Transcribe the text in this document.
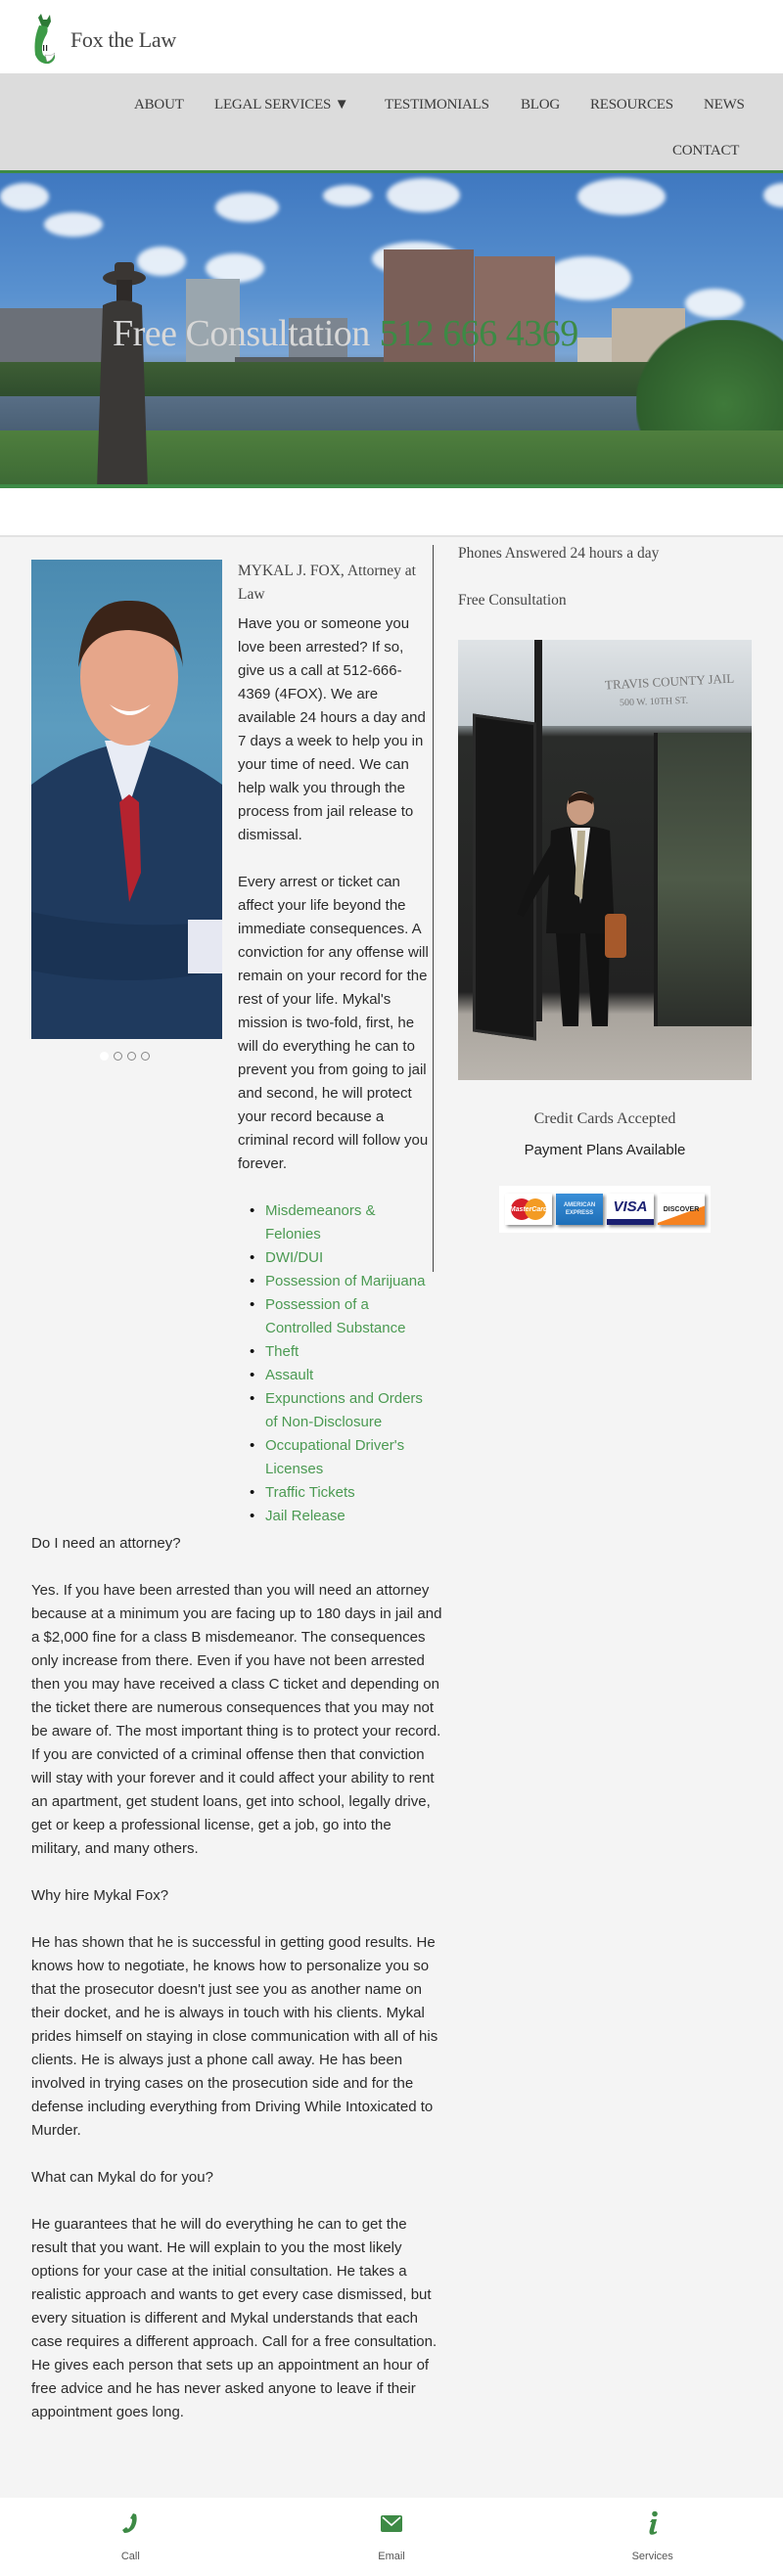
Fox the Law
ABOUT LEGAL SERVICES ▼ TESTIMONIALS BLOG RESOURCES NEWS
CONTACT
Free Consultation 512 666 4369
MYKAL J. FOX, Attorney at Law

Have you or someone you love been arrested? If so, give us a call at 512-666-4369 (4FOX). We are available 24 hours a day and 7 days a week to help you in your time of need. We can help walk you through the process from jail release to dismissal.

Every arrest or ticket can affect your life beyond the immediate consequences. A conviction for any offense will remain on your record for the rest of your life. Mykal's mission is two-fold, first, he will do everything he can to prevent you from going to jail and second, he will protect your record because a criminal record will follow you forever.

• Misdemeanors & Felonies
• DWI/DUI
• Possession of Marijuana
• Possession of a Controlled Substance
• Theft
• Assault
• Expunctions and Orders of Non-Disclosure
• Occupational Driver's Licenses
• Traffic Tickets
• Jail Release
Phones Answered 24 hours a day
Free Consultation
TRAVIS COUNTY JAIL
500 W. 10TH ST.
Credit Cards Accepted
Payment Plans Available
MasterCard
AMERICAN EXPRESS	VISA DISCOVER

Do I need an attorney?

Yes. If you have been arrested than you will need an attorney because at a minimum you are facing up to 180 days in jail and a $2,000 fine for a class B misdemeanor. The consequences only increase from there. Even if you have not been arrested then you may have received a class C ticket and depending on the ticket there are numerous consequences that you may not be aware of. The most important thing is to protect your record. If you are convicted of a criminal offense then that conviction will stay with your forever and it could affect your ability to rent an apartment, get student loans, get into school, legally drive, get or keep a professional license, get a job, go into the military, and many others.

Why hire Mykal Fox?

He has shown that he is successful in getting good results. He knows how to negotiate, he knows how to personalize you so that the prosecutor doesn't just see you as another name on their docket, and he is always in touch with his clients. Mykal prides himself on staying in close communication with all of his clients. He is always just a phone call away. He has been involved in trying cases on the prosecution side and for the defense including everything from Driving While Intoxicated to Murder.

What can Mykal do for you?

He guarantees that he will do everything he can to get the result that you want. He will explain to you the most likely options for your case at the initial consultation. He takes a realistic approach and wants to get every case dismissed, but every situation is different and Mykal understands that each case requires a different approach. Call for a free consultation. He gives each person that sets up an appointment an hour of free advice and he has never asked anyone to leave if their appointment goes long.

Call	Email	Services
